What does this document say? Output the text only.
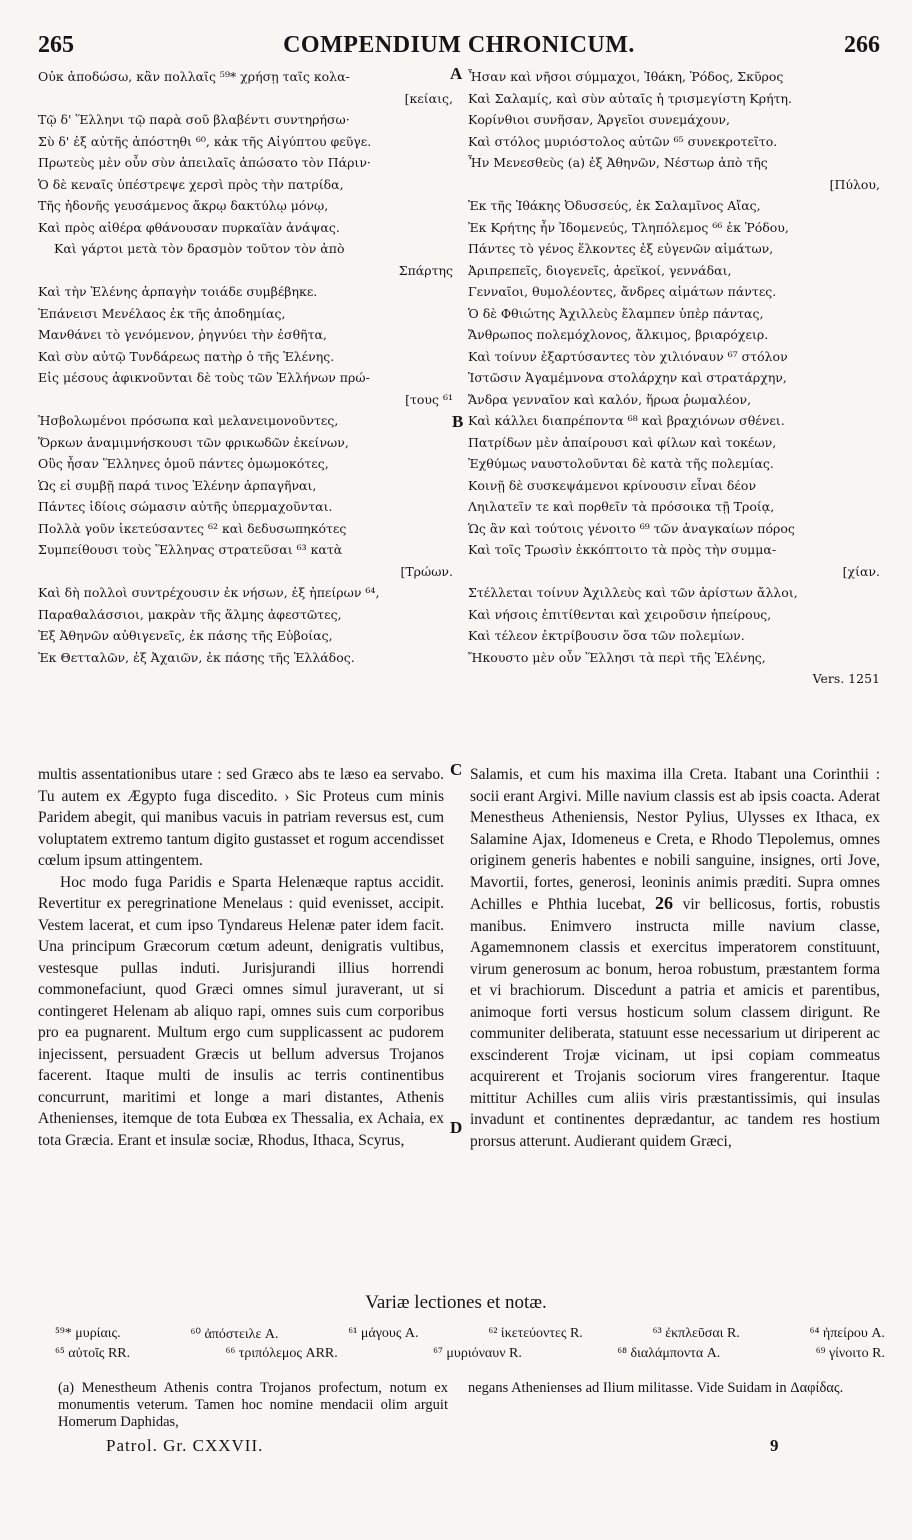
265	COMPENDIUM CHRONICUM.	266
A
B
C
D
Οὐκ ἀποδώσω, κἂν πολλαῖς ⁵⁹* χρήσῃ ταῖς κολα-
[κείαις,
Τῷ δ' Ἕλληνι τῷ παρὰ σοῦ βλαβέντι συντηρήσω·
Σὺ δ' ἐξ αὐτῆς ἀπόστηθι ⁶⁰, κἀκ τῆς Αἰγύπτου φεῦγε.
Πρωτεὺς μὲν οὖν σὺν ἀπειλαῖς ἀπώσατο τὸν Πάριν·
Ὁ δὲ κεναῖς ὑπέστρεψε χερσὶ πρὸς τὴν πατρίδα,
Τῆς ἡδονῆς γευσάμενος ἄκρῳ δακτύλῳ μόνῳ,
Καὶ πρὸς αἰθέρα φθάνουσαν πυρκαϊὰν ἀνάψας.
Καὶ γάρτοι μετὰ τὸν δρασμὸν τοῦτον τὸν ἀπὸ
Σπάρτης
Καὶ τὴν Ἑλένης ἁρπαγὴν τοιάδε συμβέβηκε.
Ἐπάνεισι Μενέλαος ἐκ τῆς ἀποδημίας,
Μανθάνει τὸ γενόμενον, ῥηγνύει τὴν ἐσθῆτα,
Καὶ σὺν αὐτῷ Τυνδάρεως πατὴρ ὁ τῆς Ἑλένης.
Εἰς μέσους ἀφικνοῦνται δὲ τοὺς τῶν Ἑλλήνων πρώ-
[τους ⁶¹
Ἠσβολωμένοι πρόσωπα καὶ μελανειμονοῦντες,
Ὅρκων ἀναμιμνήσκουσι τῶν φρικωδῶν ἐκείνων,
Οὓς ἦσαν Ἕλληνες ὁμοῦ πάντες ὀμωμοκότες,
Ὡς εἰ συμβῇ παρά τινος Ἑλένην ἁρπαγῆναι,
Πάντες ἰδίοις σώμασιν αὐτῆς ὑπερμαχοῦνται.
Πολλὰ γοῦν ἱκετεύσαντες ⁶² καὶ δεδυσωπηκότες
Συμπείθουσι τοὺς Ἕλληνας στρατεῦσαι ⁶³ κατὰ
[Τρώων.
Καὶ δὴ πολλοὶ συντρέχουσιν ἐκ νήσων, ἐξ ἠπείρων ⁶⁴,
Παραθαλάσσιοι, μακρὰν τῆς ἅλμης ἀφεστῶτες,
Ἐξ Ἀθηνῶν αὐθιγενεῖς, ἐκ πάσης τῆς Εὐβοίας,
Ἐκ Θετταλῶν, ἐξ Ἀχαιῶν, ἐκ πάσης τῆς Ἑλλάδος.
Ἦσαν καὶ νῆσοι σύμμαχοι, Ἰθάκη, Ῥόδος, Σκῦρος
Καὶ Σαλαμίς, καὶ σὺν αὐταῖς ἡ τρισμεγίστη Κρήτη.
Κορίνθιοι συνῆσαν, Ἀργεῖοι συνεμάχουν,
Καὶ στόλος μυριόστολος αὐτῶν ⁶⁵ συνεκροτεῖτο.
Ἦν Μενεσθεὺς (a) ἐξ Ἀθηνῶν, Νέστωρ ἀπὸ τῆς
[Πύλου,
Ἐκ τῆς Ἰθάκης Ὀδυσσεύς, ἐκ Σαλαμῖνος Αἴας,
Ἐκ Κρήτης ἦν Ἰδομενεύς, Τληπόλεμος ⁶⁶ ἐκ Ῥόδου,
Πάντες τὸ γένος ἕλκοντες ἐξ εὐγενῶν αἱμάτων,
Ἀριπρεπεῖς, διογενεῖς, ἀρεϊκοί, γεννάδαι,
Γενναῖοι, θυμολέοντες, ἄνδρες αἱμάτων πάντες.
Ὁ δὲ Φθιώτης Ἀχιλλεὺς ἔλαμπεν ὑπὲρ πάντας,
Ἄνθρωπος πολεμόχλονος, ἄλκιμος, βριαρόχειρ.
Καὶ τοίνυν ἐξαρτύσαντες τὸν χιλιόναυν ⁶⁷ στόλον
Ἱστῶσιν Ἀγαμέμνονα στολάρχην καὶ στρατάρχην,
Ἄνδρα γενναῖον καὶ καλόν, ἥρωα ῥωμαλέον,
Καὶ κάλλει διαπρέποντα ⁶⁸ καὶ βραχιόνων σθένει.
Πατρίδων μὲν ἀπαίρουσι καὶ φίλων καὶ τοκέων,
Ἐχθύμως ναυστολοῦνται δὲ κατὰ τῆς πολεμίας.
Κοινῇ δὲ συσκεψάμενοι κρίνουσιν εἶναι δέον
Ληιλατεῖν τε καὶ πορθεῖν τὰ πρόσοικα τῇ Τροίᾳ,
Ὡς ἂν καὶ τούτοις γένοιτο ⁶⁹ τῶν ἀναγκαίων πόρος
Καὶ τοῖς Τρωσὶν ἐκκόπτοιτο τὰ πρὸς τὴν συμμα-
[χίαν.
Στέλλεται τοίνυν Ἀχιλλεὺς καὶ τῶν ἀρίστων ἄλλοι,
Καὶ νήσοις ἐπιτίθενται καὶ χειροῦσιν ἠπείρους,
Καὶ τέλεον ἐκτρίβουσιν ὅσα τῶν πολεμίων.
Ἤκουστο μὲν οὖν Ἕλλησι τὰ περὶ τῆς Ἑλένης,
Vers. 1251

multis assentationibus utare : sed Græco abs te læso ea servabo. Tu autem ex Ægypto fuga discedito. › Sic Proteus cum minis Paridem abegit, qui manibus vacuis in patriam reversus est, cum voluptatem extremo tantum digito gustasset et rogum accendisset cœlum ipsum attingentem.

Hoc modo fuga Paridis e Sparta Helenæque raptus accidit. Revertitur ex peregrinatione Menelaus : quid evenisset, accipit. Vestem lacerat, et cum ipso Tyndareus Helenæ pater idem facit. Una principum Græcorum cœtum adeunt, denigratis vultibus, vestesque pullas induti. Jurisjurandi illius horrendi commonefaciunt, quod Græci omnes simul juraverant, ut si contingeret Helenam ab aliquo rapi, omnes suis cum corporibus pro ea pugnarent. Multum ergo cum supplicassent ac pudorem injecissent, persuadent Græcis ut bellum adversus Trojanos facerent. Itaque multi de insulis ac terris continentibus concurrunt, maritimi et longe a mari distantes, Athenis Athenienses, itemque de tota Eubœa ex Thessalia, ex Achaia, ex tota Græcia. Erant et insulæ sociæ, Rhodus, Ithaca, Scyrus,

Salamis, et cum his maxima illa Creta. Itabant una Corinthii : socii erant Argivi. Mille navium classis est ab ipsis coacta. Aderat Menestheus Atheniensis, Nestor Pylius, Ulysses ex Ithaca, ex Salamine Ajax, Idomeneus e Creta, e Rhodo Tlepolemus, omnes originem generis habentes e nobili sanguine, insignes, orti Jove, Mavortii, fortes, generosi, leoninis animis præditi. Supra omnes Achilles e Phthia lucebat, 26 vir bellicosus, fortis, robustis manibus. Enimvero instructa mille navium classe, Agamemnonem classis et exercitus imperatorem constituunt, virum generosum ac bonum, heroa robustum, præstantem forma et vi brachiorum. Discedunt a patria et amicis et parentibus, animoque forti versus hosticum solum classem dirigunt. Re communiter deliberata, statuunt esse necessarium ut diriperent ac exscinderent Trojæ vicinam, ut ipsi copiam commeatus acquirerent et Trojanis sociorum vires frangerentur. Itaque mittitur Achilles cum aliis viris præstantissimis, qui insulas invadunt et continentes deprædantur, ac tandem res hostium prorsus atterunt. Audierant quidem Græci,

Variæ lectiones et notæ.
⁵⁹* μυρίαις.	⁶⁰ ἀπόστειλε A.	⁶¹ μάγους A.	⁶² ἱκετεύοντες R.	⁶³ ἐκπλεῦσαι R.	⁶⁴ ἠπείρου A.
⁶⁵ αὐτοῖς RR.	⁶⁶ τριπόλεμος ARR.	⁶⁷ μυριόναυν R.	⁶⁸ διαλάμποντα A.	⁶⁹ γίνοιτο R.
(a) Menestheum Athenis contra Trojanos profectum, notum ex monumentis veterum. Tamen hoc nomine mendacii olim arguit Homerum Daphidas,
negans Athenienses ad Ilium militasse. Vide Suidam in Δαφίδας.
Patrol. Gr. CXXVII.	9
